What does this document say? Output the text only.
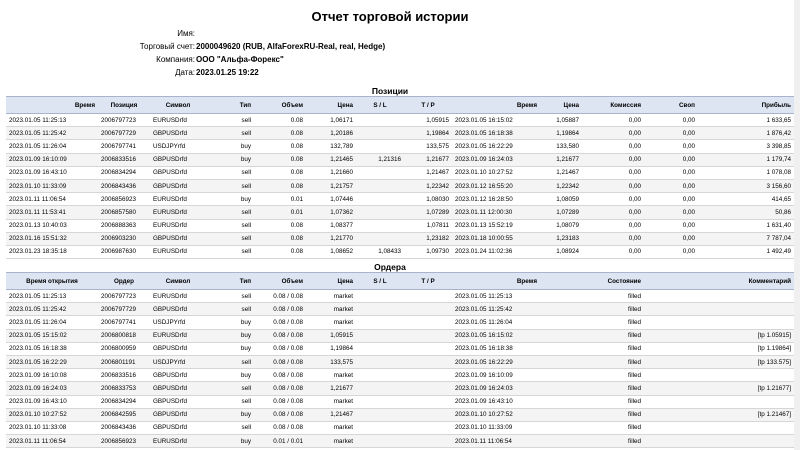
Отчет торговой истории
Имя:
Торговый счет: 2000049620 (RUB, AlfaForexRU-Real, real, Hedge)
Компания: ООО "Альфа-Форекс"
Дата: 2023.01.25 19:22
Позиции
Время	Позиция	Символ	Тип	Объем	Цена	S / L	T / P	Время	Цена	Комиссия	Своп	Прибыль
2023.01.05 11:25:13	2006797723	EURUSDrfd	sell	0.08	1,06171		1,05915	2023.01.05 16:15:02	1,05887	0,00	0,00	1 633,65
2023.01.05 11:25:42	2006797729	GBPUSDrfd	sell	0.08	1,20186		1,19864	2023.01.05 16:18:38	1,19864	0,00	0,00	1 876,42
2023.01.05 11:26:04	2006797741	USDJPYrfd	buy	0.08	132,789		133,575	2023.01.05 16:22:29	133,580	0,00	0,00	3 398,85
2023.01.09 16:10:09	2006833516	GBPUSDrfd	buy	0.08	1,21465	1,21316	1,21677	2023.01.09 16:24:03	1,21677	0,00	0,00	1 179,74
2023.01.09 16:43:10	2006834294	GBPUSDrfd	sell	0.08	1,21660		1,21467	2023.01.10 10:27:52	1,21467	0,00	0,00	1 078,08
2023.01.10 11:33:09	2006843436	GBPUSDrfd	sell	0.08	1,21757		1,22342	2023.01.12 16:55:20	1,22342	0,00	0,00	3 156,60
2023.01.11 11:06:54	2006856923	EURUSDrfd	buy	0.01	1,07446		1,08030	2023.01.12 16:28:50	1,08059	0,00	0,00	414,65
2023.01.11 11:53:41	2006857580	EURUSDrfd	sell	0.01	1,07362		1,07289	2023.01.11 12:00:30	1,07289	0,00	0,00	50,86
2023.01.13 10:40:03	2006888363	EURUSDrfd	sell	0.08	1,08377		1,07811	2023.01.13 15:52:19	1,08079	0,00	0,00	1 631,40
2023.01.16 15:51:32	2006903230	GBPUSDrfd	sell	0.08	1,21770		1,23182	2023.01.18 10:00:55	1,23183	0,00	0,00	7 787,04
2023.01.23 18:35:18	2006987630	EURUSDrfd	sell	0.08	1,08652	1,08433	1,09730	2023.01.24 11:02:36	1,08924	0,00	0,00	1 492,49
Ордера
Время открытия	Ордер	Символ	Тип	Объем	Цена	S / L	T / P	Время	Состояние	Комментарий
2023.01.05 11:25:13	2006797723	EURUSDrfd	sell	0.08 / 0.08	market			2023.01.05 11:25:13	filled	
2023.01.05 11:25:42	2006797729	GBPUSDrfd	sell	0.08 / 0.08	market			2023.01.05 11:25:42	filled	
2023.01.05 11:26:04	2006797741	USDJPYrfd	buy	0.08 / 0.08	market			2023.01.05 11:26:04	filled	
2023.01.05 15:15:02	2006800818	EURUSDrfd	buy	0.08 / 0.08	1,05915			2023.01.05 16:15:02	filled	[tp 1.05915]
2023.01.05 16:18:38	2006800959	GBPUSDrfd	buy	0.08 / 0.08	1,19864			2023.01.05 16:18:38	filled	[tp 1.19864]
2023.01.05 16:22:29	2006801191	USDJPYrfd	sell	0.08 / 0.08	133,575			2023.01.05 16:22:29	filled	[tp 133.575]
2023.01.09 16:10:08	2006833516	GBPUSDrfd	buy	0.08 / 0.08	market			2023.01.09 16:10:09	filled	
2023.01.09 16:24:03	2006833753	GBPUSDrfd	sell	0.08 / 0.08	1,21677			2023.01.09 16:24:03	filled	[tp 1.21677]
2023.01.09 16:43:10	2006834294	GBPUSDrfd	sell	0.08 / 0.08	market			2023.01.09 16:43:10	filled	
2023.01.10 10:27:52	2006842595	GBPUSDrfd	buy	0.08 / 0.08	1,21467			2023.01.10 10:27:52	filled	[tp 1.21467]
2023.01.10 11:33:08	2006843436	GBPUSDrfd	sell	0.08 / 0.08	market			2023.01.10 11:33:09	filled	
2023.01.11 11:06:54	2006856923	EURUSDrfd	buy	0.01 / 0.01	market			2023.01.11 11:06:54	filled	
